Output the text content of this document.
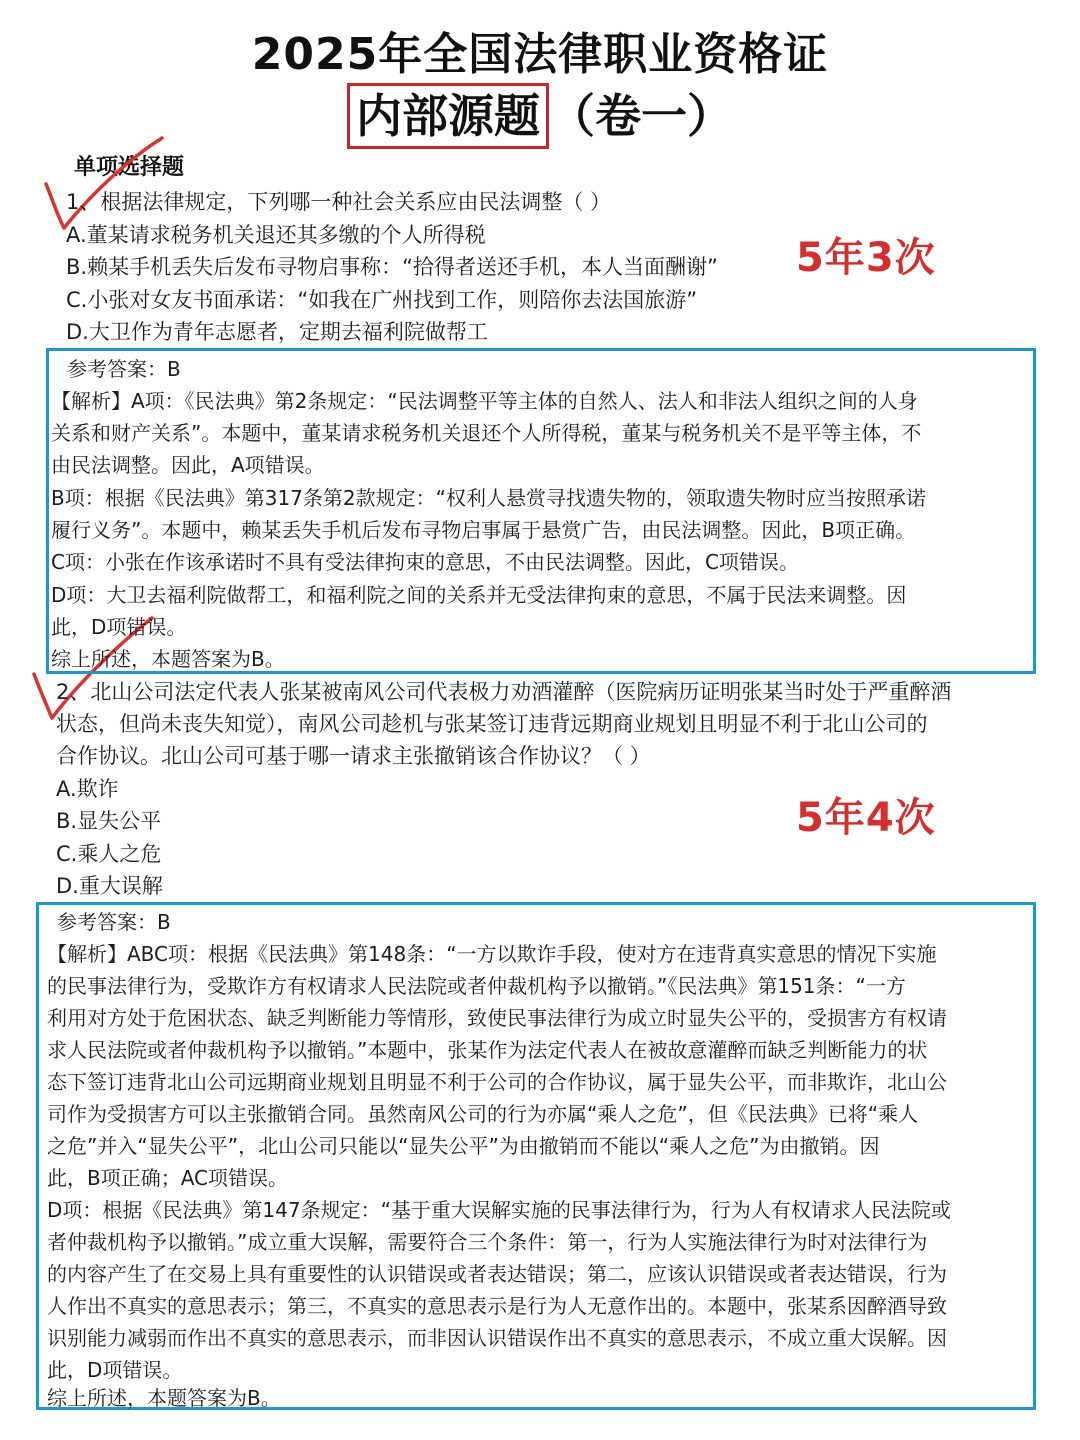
2025年全国法律职业资格证
内部源题 （卷一）
单项选择题
1、根据法律规定，下列哪一种社会关系应由民法调整（ ）
A.董某请求税务机关退还其多缴的个人所得税
B.赖某手机丢失后发布寻物启事称：“拾得者送还手机，本人当面酬谢”
C.小张对女友书面承诺：“如我在广州找到工作，则陪你去法国旅游”
D.大卫作为青年志愿者，定期去福利院做帮工
5年3次
参考答案：B
【解析】A项：《民法典》第2条规定：“民法调整平等主体的自然人、法人和非法人组织之间的人身
关系和财产关系”。本题中，董某请求税务机关退还个人所得税，董某与税务机关不是平等主体，不
由民法调整。因此，A项错误。
B项：根据《民法典》第317条第2款规定：“权利人悬赏寻找遗失物的，领取遗失物时应当按照承诺
履行义务”。本题中，赖某丢失手机后发布寻物启事属于悬赏广告，由民法调整。因此，B项正确。
C项：小张在作该承诺时不具有受法律拘束的意思，不由民法调整。因此，C项错误。
D项：大卫去福利院做帮工，和福利院之间的关系并无受法律拘束的意思，不属于民法来调整。因
此，D项错误。
综上所述，本题答案为B。
2、北山公司法定代表人张某被南风公司代表极力劝酒灌醉（医院病历证明张某当时处于严重醉酒
状态，但尚未丧失知觉），南风公司趁机与张某签订违背远期商业规划且明显不利于北山公司的
合作协议。北山公司可基于哪一请求主张撤销该合作协议？（ ）
A.欺诈
B.显失公平
C.乘人之危
D.重大误解
5年4次
参考答案：B
【解析】ABC项：根据《民法典》第148条：“一方以欺诈手段，使对方在违背真实意思的情况下实施
的民事法律行为，受欺诈方有权请求人民法院或者仲裁机构予以撤销。”《民法典》第151条：“一方
利用对方处于危困状态、缺乏判断能力等情形，致使民事法律行为成立时显失公平的，受损害方有权请
求人民法院或者仲裁机构予以撤销。”本题中，张某作为法定代表人在被故意灌醉而缺乏判断能力的状
态下签订违背北山公司远期商业规划且明显不利于公司的合作协议，属于显失公平，而非欺诈，北山公
司作为受损害方可以主张撤销合同。虽然南风公司的行为亦属“乘人之危”，但《民法典》已将“乘人
之危”并入“显失公平”，北山公司只能以“显失公平”为由撤销而不能以“乘人之危”为由撤销。因
此，B项正确；AC项错误。
D项：根据《民法典》第147条规定：“基于重大误解实施的民事法律行为，行为人有权请求人民法院或
者仲裁机构予以撤销。”成立重大误解，需要符合三个条件：第一，行为人实施法律行为时对法律行为
的内容产生了在交易上具有重要性的认识错误或者表达错误；第二，应该认识错误或者表达错误，行为
人作出不真实的意思表示；第三，不真实的意思表示是行为人无意作出的。本题中，张某系因醉酒导致
识别能力减弱而作出不真实的意思表示，而非因认识错误作出不真实的意思表示，不成立重大误解。因
此，D项错误。
综上所述，本题答案为B。
